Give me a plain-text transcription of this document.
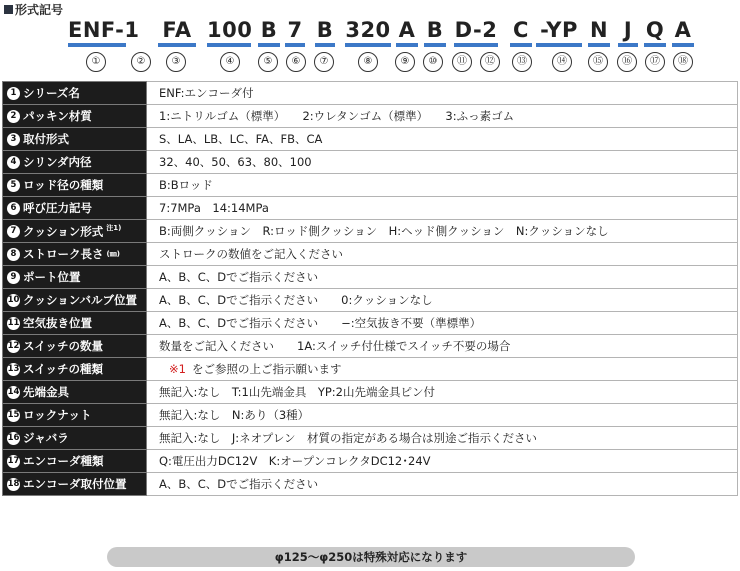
形式記号
ENF-1
①	②
FA
③
100
④
B
⑤
7
⑥
B
⑦
320
⑧
A
⑨
B
⑩
D-2
⑪	⑫
C
⑬
-YP
⑭
N
⑮
J
⑯
Q
⑰
A
⑱
1 シリーズ名	ENF:エンコーダ付
2 パッキン材質	1:ニトリルゴム（標準）　　2:ウレタンゴム（標準）　　3:ふっ素ゴム
3 取付形式	S、LA、LB、LC、FA、FB、CA
4 シリンダ内径	32、40、50、63、80、100
5 ロッド径の種類	B:Bロッド
6 呼び圧力記号	7:7MPa　14:14MPa
7 クッション形式 $^{注1)}$	B:両側クッション　R:ロッド側クッション　H:ヘッド側クッション　N:クッションなし
8 ストローク長さ (㎜)	ストロークの数値をご記入ください
9 ポート位置	A、B、C、Dでご指示ください
10 クッションバルブ位置	A、B、C、Dでご指示ください　　0:クッションなし
11 空気抜き位置	A、B、C、Dでご指示ください　　−:空気抜き不要（準標準）
12 スイッチの数量	数量をご記入ください　　1A:スイッチ付仕様でスイッチ不要の場合
13 スイッチの種類	※1 をご参照の上ご指示願います
14 先端金具	無記入:なし　T:1山先端金具　YP:2山先端金具ピン付
15 ロックナット	無記入:なし　N:あり（3種）
16 ジャバラ	無記入:なし　J:ネオプレン　材質の指定がある場合は別途ご指示ください
17 エンコーダ種類	Q:電圧出力DC12V　K:オープンコレクタDC12･24V
18 エンコーダ取付位置	A、B、C、Dでご指示ください
φ125〜φ250は特殊対応になります
